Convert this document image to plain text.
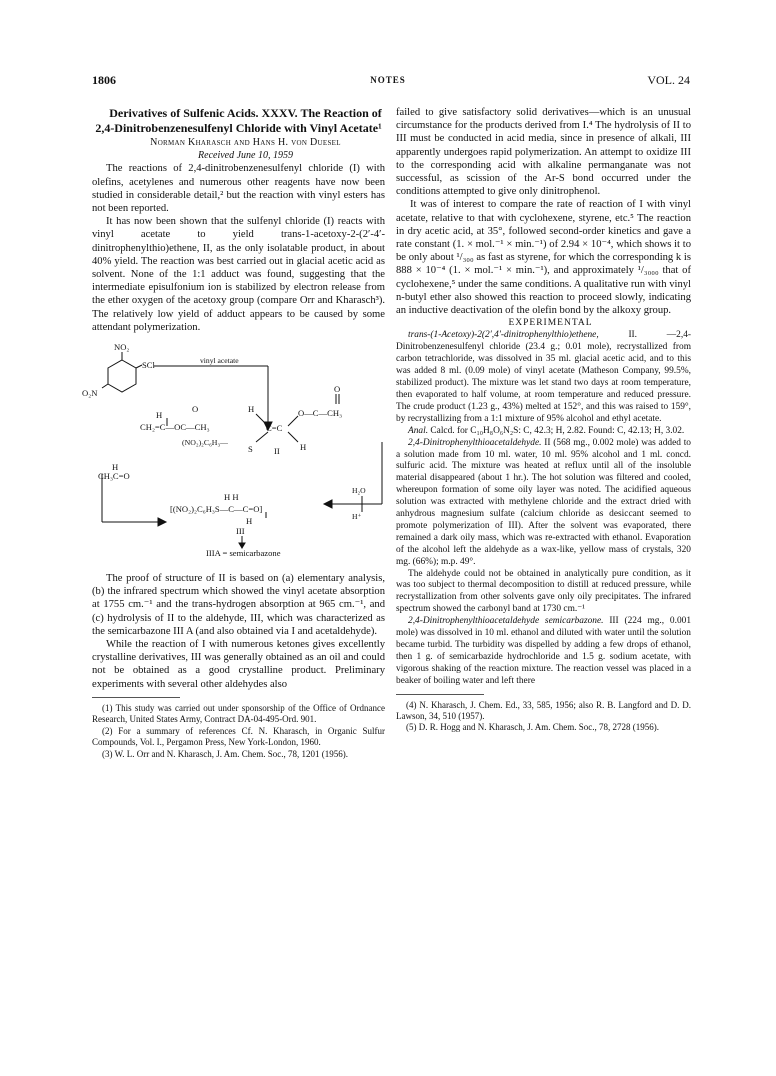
1806	NOTES	VOL. 24

Derivatives of Sulfenic Acids. XXXV. The Reaction of 2,4-Dinitrobenzenesulfenyl Chloride with Vinyl Acetate¹

Norman Kharasch and Hans H. von Duesel

Received June 10, 1959

The reactions of 2,4-dinitrobenzenesulfenyl chloride (I) with olefins, acetylenes and numerous other reagents have now been studied in considerable detail,² but the reaction with vinyl esters has not been reported.

It has now been shown that the sulfenyl chloride (I) reacts with vinyl acetate to yield trans-1-acetoxy-2-(2′-4′-dinitrophenylthio)ethene, II, as the only isolatable product, in about 40% yield. The reaction was best carried out in glacial acetic acid as solvent. None of the 1:1 adduct was found, suggesting that the intermediate episulfonium ion is stabilized by electron release from the ether oxygen of the acetoxy group (compare Orr and Kharasch³). The relatively low yield of adduct appears to be caused by some attendant polymerization.

NO₂
SCl
O₂N
vinyl acetate
O
H
CH₂=C—OC—CH₃
(NO₂)₂C₆H₃—
H
C=C
S	H
O
O—C—CH₃
II
H
CH₃C=O
H H
[(NO₂)₂C₆H₃S—C—C=O]
H
H₂O
H⁺
III
IIIA = semicarbazone

The proof of structure of II is based on (a) elementary analysis, (b) the infrared spectrum which showed the vinyl acetate absorption at 1755 cm.⁻¹ and the trans-hydrogen absorption at 965 cm.⁻¹, and (c) hydrolysis of II to the aldehyde, III, which was characterized as the semicarbazone III A (and also obtained via I and acetaldehyde).

While the reaction of I with numerous ketones gives excellently crystalline derivatives, III was generally obtained as an oil and could not be obtained as a good crystalline product. Preliminary experiments with several other aldehydes also

(1) This study was carried out under sponsorship of the Office of Ordnance Research, United States Army, Contract DA-04-495-Ord. 901.

(2) For a summary of references Cf. N. Kharasch, in Organic Sulfur Compounds, Vol. I., Pergamon Press, New York-London, 1960.

(3) W. L. Orr and N. Kharasch, J. Am. Chem. Soc., 78, 1201 (1956).

failed to give satisfactory solid derivatives—which is an unusual circumstance for the products derived from I.⁴ The hydrolysis of II to III must be conducted in acid media, since in presence of alkali, III apparently undergoes rapid polymerization. An attempt to oxidize III to the corresponding acid with alkaline permanganate was not successful, as scission of the Ar-S bond occurred under the conditions attempted to give only dinitrophenol.

It was of interest to compare the rate of reaction of I with vinyl acetate, relative to that with cyclohexene, styrene, etc.⁵ The reaction in dry acetic acid, at 35°, followed second-order kinetics and gave a rate constant (1. × mol.⁻¹ × min.⁻¹) of 2.94 × 10⁻⁴, which shows it to be only about ¹/₃₀₀ as fast as styrene, for which the corresponding k is 888 × 10⁻⁴ (1. × mol.⁻¹ × min.⁻¹), and approximately ¹/₃₀₀₀ that of cyclohexene,⁵ under the same conditions. A qualitative run with vinyl n-butyl ether also showed this reaction to proceed slowly, indicating an inductive deactivation of the olefin bond by the alkoxy group.

EXPERIMENTAL

trans-(1-Acetoxy)-2(2′,4′-dinitrophenylthio)ethene,	II. —2,4-Dinitrobenzenesulfenyl chloride (23.4 g.; 0.01 mole), recrystallized from carbon tetrachloride, was dissolved in 35 ml. glacial acetic acid, and to this was added 8 ml. (0.09 mole) of vinyl acetate (Matheson Company, 99.5%, stabilized product). The mixture was let stand two days at room temperature, then evaporated to half volume, at room temperature and reduced pressure. The crude product (1.23 g., 43%) melted at 152°, and this was raised to 159°, by recrystallizing from a 1:1 mixture of 95% alcohol and ethyl acetate.

Anal. Calcd. for C₁₀H₈O₆N₂S: C, 42.3; H, 2.82. Found: C, 42.13; H, 3.02.

2,4-Dinitrophenylthioacetaldehyde. II (568 mg., 0.002 mole) was added to a solution made from 10 ml. water, 10 ml. 95% alcohol and 1 ml. concd. sulfuric acid. The mixture was heated at reflux until all of the insoluble material disappeared (about 1 hr.). The hot solution was filtered and cooled, whereupon formation of some oily layer was noted. The acidified aqueous solution was extracted with methylene chloride and the extract dried with anhydrous magnesium sulfate (calcium chloride as desiccant seemed to promote polymerization of III). After the solvent was evaporated, there remained a dark oily mass, which was re-extracted with ethanol. Evaporation of the alcohol left the aldehyde as a wax-like, yellow mass of crystals, 320 mg. (66%); m.p. 49°.

The aldehyde could not be obtained in analytically pure condition, as it was too subject to thermal decomposition to distill at reduced pressure, while recrystallization from other solvents gave only oily precipitates. The infrared spectrum showed the carbonyl band at 1730 cm.⁻¹

2,4-Dinitrophenylthioacetaldehyde semicarbazone. III (224 mg., 0.001 mole) was dissolved in 10 ml. ethanol and diluted with water until the solution became turbid. The turbidity was dispelled by adding a few drops of ethanol, then 1 g. of semicarbazide hydrochloride and 1.5 g. sodium acetate, with vigorous shaking of the reaction mixture. The reaction vessel was placed in a beaker of boiling water and left there

(4) N. Kharasch, J. Chem. Ed., 33, 585, 1956; also R. B. Langford and D. D. Lawson, 34, 510 (1957).

(5) D. R. Hogg and N. Kharasch, J. Am. Chem. Soc., 78, 2728 (1956).
